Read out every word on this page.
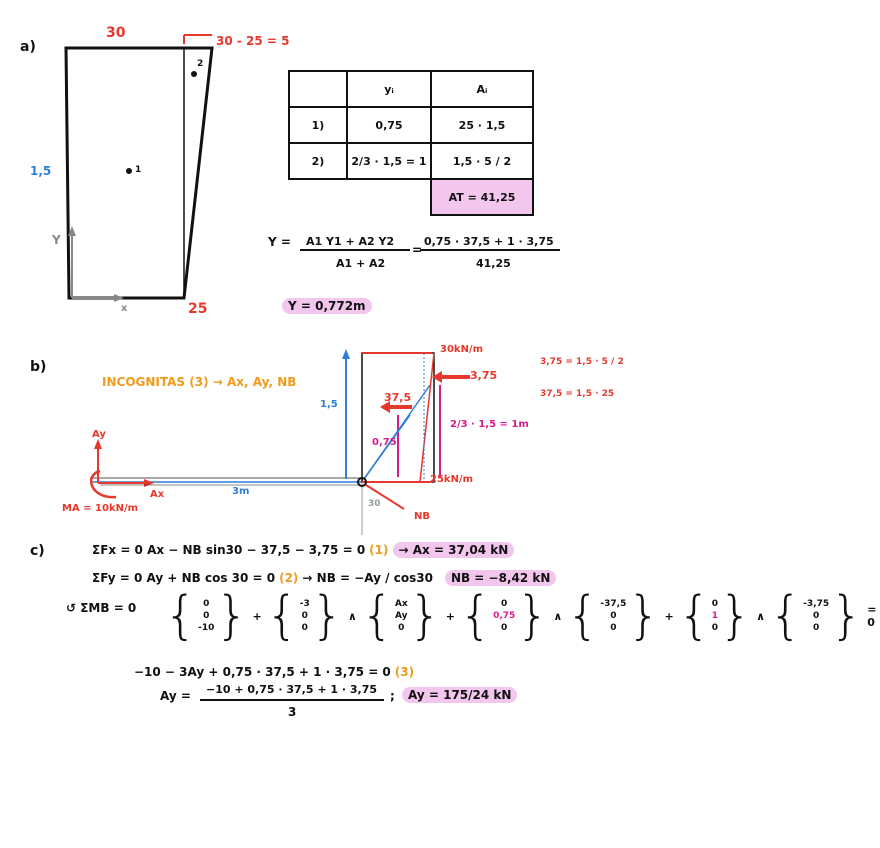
a)
30
25
1,5
30 - 25 = 5
2
1
Y
x
	yᵢ	Aᵢ
1)	0,75	25 · 1,5
2)	2/3 · 1,5 = 1	1,5 · 5 / 2
		AT = 41,25
Y = A1 Y1 + A2 Y2
A1 + A2
=
0,75 · 37,5 + 1 · 3,75
41,25
Y = 0,772m
b)
INCOGNITAS (3) → Ax, Ay, NB
1,5
30kN/m
25kN/m
37,5
3,75
0,75
2/3 · 1,5 = 1m
3,75 = 1,5 · 5 / 2
37,5 = 1,5 · 25
Ay
Ax	3m
MA = 10kN/m	30
NB
c)	ΣFx = 0 Ax − NB sin30 − 37,5 − 3,75 = 0 (1) → Ax = 37,04 kN
ΣFy = 0 Ay + NB cos 30 = 0 (2) → NB = −Ay / cos30	NB = −8,42 kN
↺ ΣMB = 0 { 0
0
-10 } + { -3
0
0 } ∧ { Ax
Ay
0 } + { 0
0,75
0 } ∧ { -37,5
0
0 } + { 0
1
0 } ∧ { -3,75
0
0 } = 0
−10 − 3Ay + 0,75 · 37,5 + 1 · 3,75 = 0 (3)
Ay = −10 + 0,75 · 37,5 + 1 · 3,75
3
;	Ay = 175/24 kN
